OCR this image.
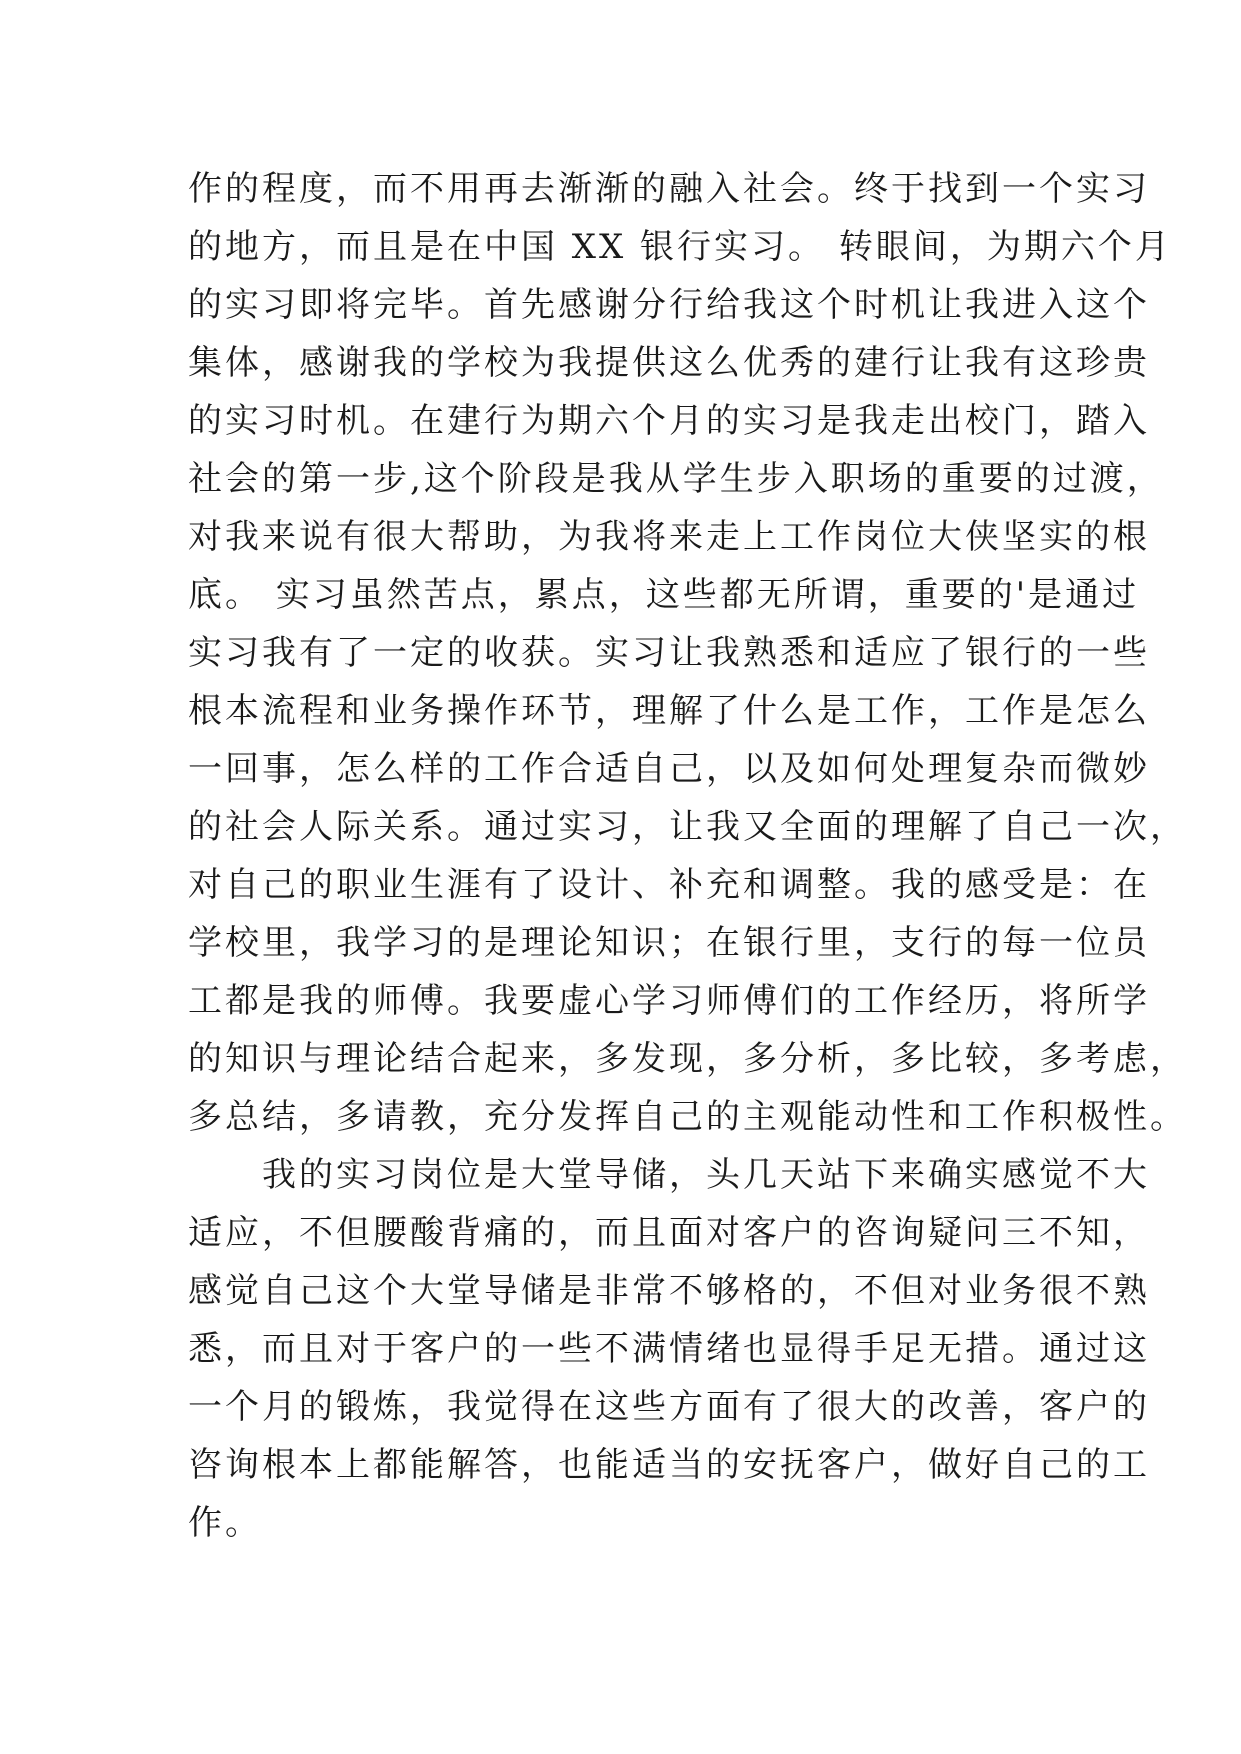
作的程度，而不用再去渐渐的融入社会。终于找到一个实习
的地方，而且是在中国 XX 银行实习。 转眼间，为期六个月
的实习即将完毕。首先感谢分行给我这个时机让我进入这个
集体，感谢我的学校为我提供这么优秀的建行让我有这珍贵
的实习时机。在建行为期六个月的实习是我走出校门，踏入
社会的第一步,这个阶段是我从学生步入职场的重要的过渡，
对我来说有很大帮助，为我将来走上工作岗位大侠坚实的根
底。 实习虽然苦点，累点，这些都无所谓，重要的'是通过
实习我有了一定的收获。实习让我熟悉和适应了银行的一些
根本流程和业务操作环节，理解了什么是工作，工作是怎么
一回事，怎么样的工作合适自己，以及如何处理复杂而微妙
的社会人际关系。通过实习，让我又全面的理解了自己一次，
对自己的职业生涯有了设计、补充和调整。我的感受是：在
学校里，我学习的是理论知识；在银行里，支行的每一位员
工都是我的师傅。我要虚心学习师傅们的工作经历，将所学
的知识与理论结合起来，多发现，多分析，多比较，多考虑，
多总结，多请教，充分发挥自己的主观能动性和工作积极性。
　　我的实习岗位是大堂导储，头几天站下来确实感觉不大
适应，不但腰酸背痛的，而且面对客户的咨询疑问三不知，
感觉自己这个大堂导储是非常不够格的，不但对业务很不熟
悉，而且对于客户的一些不满情绪也显得手足无措。通过这
一个月的锻炼，我觉得在这些方面有了很大的改善，客户的
咨询根本上都能解答，也能适当的安抚客户，做好自己的工
作。
